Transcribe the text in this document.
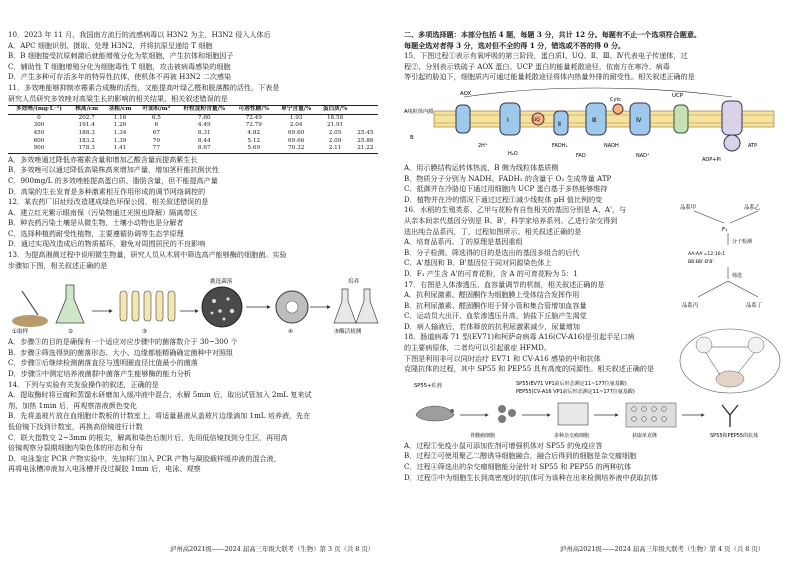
10．2023 年 11 月，我国南方流行的流感病毒以 H3N2 为主，H3N2 侵入人体后
A．APC 细胞识别、摄取、处理 H3N2，并将抗原呈递给 T 细胞
B．B 细胞接受抗原刺激后就能增殖分化为浆细胞，产生抗体和细胞因子
C．辅助性 T 细胞增殖分化为细胞毒性 T 细胞，攻击被病毒感染的细胞
D．产生多种可存活多年的特异性抗体，使机体不再被 H3N2 二次感染
11．多效唑能够抑制赤霉素合成酶的活性，又能提高叶绿乙醛和脱落酸的活性。下表是
研究人员研究多效唑对高粱生长的影响的相关结果，相关叙述错误的是
多效唑/(mg·L⁻¹)	株高/cm	茎粗/cm	叶面积/m²	籽粒淀粉含量/%	可溶性糖/%	单宁含量/%	蛋白质/%	
0	202.7	1.16	6.5	7.60	72.49	1.93	18.58	
300	191.4	1.26	6	4.49	72.79	2.04	21.91	
450	188.3	1.34	67	8.31	4.82	69.60	2.05	25.45
600	183.2	1.39	70	8.44	5.12	69.66	2.09	25.86
900	178.3	1.41	77	8.67	5.69	70.32	2.11	21.22
A．多效唑通过降低赤霉素含量和增加乙酸含量而提高紫生长
B．多效唑可以通过降低高粱株高来增加产量，增加茎秆能抗倒伏性
C．900mg/L 的多效唑能提高蛋白质、脂肪含量，但不能提高产量
D．高粱的生长发育是多种激素相互作用形成的调节网络调控的
12．某农药厂旧址经改造建成绿色环保公园，相关叙述错误的是
A．建立红光紫示眼南保（污染物通过光照也降解）隔离带区
B．种农药污染土壤是从微生物，土壤小动物也是分解者
C．选择种植药耐受性植物，主要遵循协调等生态学原理
D．通过实现改造成后的物质循环，避免对周围居民的不良影响
13．为提高湘测过程中说明微生物量，研究人员从木屑中筛选高产能够酶的细胞菌。实验
步骤如下图，相关叙述正确的是
①取样	②	③
挑选菌落
④
培养
⑤酶活检测
A．步骤③的目的是确保有一个适应对应步骤中的菌落数介于 30~300 个
B．步骤④筛选得到的菌落形态、大小、边缘都能精确确定菌种中对照组
C．步骤⑤后继续检测菌落直径与透明圈直径比值最小的菌落
D．步骤⑤中测定培养液菌群中菌落产生能够酶的能力分析
14．下列与实验有关发验操作的叙述，正确的是
A．提取酶时将豆腐和蒸馏水研磨加入缓冲液中混合，水解 5min 后，取出试管加入 2mL 复来试
剂，加热 1min 后，再观察溶液颜色变化
B．先将盖玻片放在血细胞计数板的计数室上，将适量悬液从盖玻片边缘滴加 1mL 培养液，先在
低倍镜下找到计数室，再换高倍镜进行计数
C．联大指数交 2~3mm 的根尖，解离和染色后制片后，先用低倍镜找到分生区，再用高
倍镜观察分裂期细胞内染色体的形态和分布
D．电泳鉴定 PCR 产物实验中，先加样门加入 PCR 产物与凝胶载样缓冲液的混合液，
再将电泳槽冲液加入电泳槽并没过凝胶 1mm 后，电泳、观察
二、多项选择题：本部分包括 4 题，每题 3 分，共计 12 分。每题有不止一个选项符合题意。
每题全选对者得 3 分，选对但不全的得 1 分，错选或不答的得 0 分。
15．下图过程①表示有氧呼吸的第三阶段，蛋白质Ⅰ、UQ、Ⅱ、Ⅲ、Ⅳ代表电子传递体，过
程②、分别表示铁硫子 AOX 蛋白、UCP 蛋白的能量耗散途径，依南方在寒冷、病毒
等引起的胁迫下，细胞质内可通过能量耗散途径将体内热量外排的耐受性。相关叙述正确的是
AOX
Ⅰ	UQ
Ⅱ
Ⅲ
Cytc
Ⅳ
UCP
A线粒体内膜
B
2H⁺
H₂O
FADH₂
FAD
NADH
NAD⁺
ATP
ADP+Pi
A．用示膜结构运转体热流，B 侧为线粒体基质侧
B．物质分子分别为 NADH、FADH₂ 的含量于 O₂ 生成等量 ATP
C．抵御并在冷胁迫下通过用细胞内 UCP 蛋白基于多热能够维持
D．植物并在冷的情况下通过过程①减少线粒体 pH 值比例的变
16．水稻的生殖类系、乙甲与花粉有自性相关的基因分别是 A、A'，与
从亲本间亲代基因分别是 B、B'，科学家培养系列、乙进行杂交得到
选出纯合品系丙，丁，过程如图所示。相关叙述正确的是
A．培育品系丙、丁的原理是基因重组
B．分子检测、筛选得的目的是选出的基因多组合的后代
C．A'基因和 B、B'基因位于同对同源染色体上
D．F₁ 产生含 A'的可育花粉，含 A 的可育花粉为 5：1
17．右图是人体渗透压、血容量调节的机制，相关叙述正确的是
A．抗利尿激素、醛固酮作为细胞膜上受体结合发挥作用
B．抗利尿激素、醛固酮作用于肾小管和集合管增加血容量
C．运动员大出汗、血浆渗透压升高，钠盐下丘脑产生渴觉
D．病人输液后，若体释放的抗利尿激素减少，尿量增加
18．肠道病毒 71 型(EV71)和柯萨奇病毒 A16(CV-A16)是引起手足口病
的主要病原体，二者均可以引起重症 HFMD。
下图是利用非可以同时治疗 EV71 和 CV-A16 感染的中和抗体
克隆抗体的过程，其中 SP55 和 PEP55 具有高度的同源性。相关叙述正确的是
品系甲	品系乙
F₁
分子检测
AA:AA'=12:16:1
BB:BB':B'B'
筛选
品系丙	品系丁
SP55+佐剂	SP55(EV71 VP1前后形态测定11~177位氨基酸)
PEP55(CV-A16 VP1前后形态测定11~177位氨基酸)
骨髓瘤细胞	多种杂交瘤细胞	获取单克隆	SP55和PEP55的抗体
A．过程①免疫小鼠可添加佐剂可增强机体对 SP55 的免疫应答
B．过程②可使用聚乙二醇诱导细胞融合，融合后得到的细胞是杂交瘤细胞
C．过程④筛选出的杂交瘤细胞能分泌针对 SP55 和 PEP55 的两种抗体
D．过程⑤中为细胞生长到高密度时的抗体可为该种在出来检测培养液中获取抗体
泸州高2021级——2024 届高三年级大联考（生物）第 3 页（共 8 页）	泸州高2021级——2024 届高三年级大联考（生物）第 4 页（共 8 页）
